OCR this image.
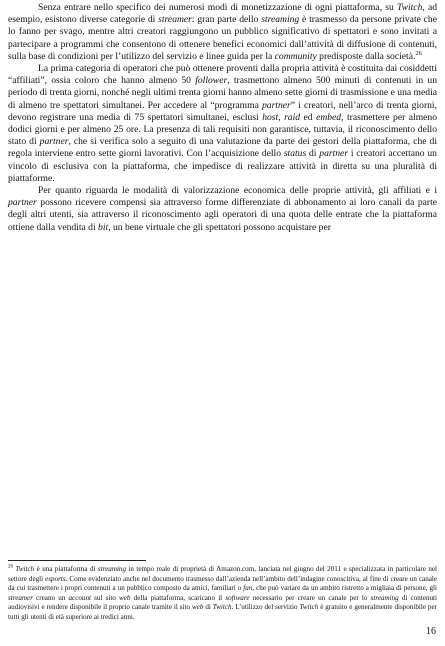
Senza entrare nello specifico dei numerosi modi di monetizzazione di ogni piattaforma, su Twitch, ad esempio, esistono diverse categorie di streamer: gran parte dello streaming è trasmesso da persone private che lo fanno per svago, mentre altri creatori raggiungono un pubblico significativo di spettatori e sono invitati a partecipare a programmi che consentono di ottenere benefici economici dall’attività di diffusione di contenuti, sulla base di condizioni per l’utilizzo del servizio e linee guida per la community predisposte dalla società.$^{26}$

La prima categoria di operatori che può ottenere proventi dalla propria attività è costituita dai cosiddetti “affiliati”, ossia coloro che hanno almeno 50 follower, trasmettono almeno 500 minuti di contenuti in un periodo di trenta giorni, nonché negli ultimi trenta giorni hanno almeno sette giorni di trasmissione e una media di almeno tre spettatori simultanei. Per accedere al “programma partner” i creatori, nell’arco di trenta giorni, devono registrare una media di 75 spettatori simultanei, esclusi host, raid ed embed, trasmettere per almeno dodici giorni e per almeno 25 ore. La presenza di tali requisiti non garantisce, tuttavia, il riconoscimento dello stato di partner, che si verifica solo a seguito di una valutazione da parte dei gestori della piattaforma, che di regola interviene entro sette giorni lavorativi. Con l’acquisizione dello status di partner i creatori accettano un vincolo di esclusiva con la piattaforma, che impedisce di realizzare attività in diretta su una pluralità di piattaforme.

Per quanto riguarda le modalità di valorizzazione economica delle proprie attività, gli affiliati e i partner possono ricevere compensi sia attraverso forme differenziate di abbonamento ai loro canali da parte degli altri utenti, sia attraverso il riconoscimento agli operatori di una quota delle entrate che la piattaforma ottiene dalla vendita di bit, un bene virtuale che gli spettatori possono acquistare per

$^{26}$ Twitch è una piattaforma di streaming in tempo reale di proprietà di Amazon.com, lanciata nel giugno del 2011 e specializzata in particolare nel settore degli esports. Come evidenziato anche nel documento trasmesso dall’azienda nell’ambito dell’indagine conoscitiva, al fine di creare un canale da cui trasmettere i propri contenuti a un pubblico composto da amici, familiari o fan, che può variare da un ambito ristretto a migliaia di persone, gli streamer creano un account sul sito web della piattaforma, scaricano il software necessario per creare un canale per lo streaming di contenuti audiovisivi e rendere disponibile il proprio canale tramite il sito web di Twitch. L’utilizzo del servizio Twitch è gratuito e generalmente disponibile per tutti gli utenti di età superiore ai tredici anni.
16
